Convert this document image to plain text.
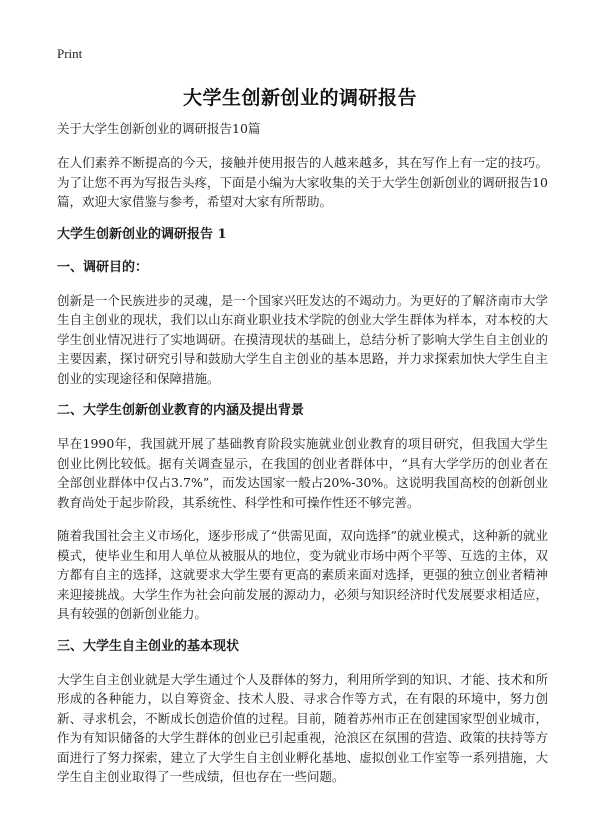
Print
大学生创新创业的调研报告
关于大学生创新创业的调研报告10篇

在人们素养不断提高的今天，接触并使用报告的人越来越多，其在写作上有一定的技巧。为了让您不再为写报告头疼，下面是小编为大家收集的关于大学生创新创业的调研报告10篇，欢迎大家借鉴与参考，希望对大家有所帮助。

大学生创新创业的调研报告 1
一、调研目的：

创新是一个民族进步的灵魂，是一个国家兴旺发达的不竭动力。为更好的了解济南市大学生自主创业的现状，我们以山东商业职业技术学院的创业大学生群体为样本，对本校的大学生创业情况进行了实地调研。在摸清现状的基础上，总结分析了影响大学生自主创业的主要因素，探讨研究引导和鼓励大学生自主创业的基本思路，并力求探索加快大学生自主创业的实现途径和保障措施。

二、大学生创新创业教育的内涵及提出背景

早在1990年，我国就开展了基础教育阶段实施就业创业教育的项目研究，但我国大学生创业比例比较低。据有关调查显示，在我国的创业者群体中，“具有大学学历的创业者在全部创业群体中仅占3.7%”，而发达国家一般占20%-30%。这说明我国高校的创新创业教育尚处于起步阶段，其系统性、科学性和可操作性还不够完善。

随着我国社会主义市场化，逐步形成了“供需见面，双向选择”的就业模式，这种新的就业模式，使毕业生和用人单位从被服从的地位，变为就业市场中两个平等、互选的主体，双方都有自主的选择，这就要求大学生要有更高的素质来面对选择，更强的独立创业者精神来迎接挑战。大学生作为社会向前发展的源动力，必须与知识经济时代发展要求相适应，具有较强的创新创业能力。

三、大学生自主创业的基本现状

大学生自主创业就是大学生通过个人及群体的努力，利用所学到的知识、才能、技术和所形成的各种能力，以自筹资金、技术人股、寻求合作等方式，在有限的环境中，努力创新、寻求机会，不断成长创造价值的过程。目前，随着苏州市正在创建国家型创业城市，作为有知识储备的大学生群体的创业已引起重视，沧浪区在氛围的营造、政策的扶持等方面进行了努力探索，建立了大学生自主创业孵化基地、虚拟创业工作室等一系列措施，大学生自主创业取得了一些成绩，但也存在一些问题。
